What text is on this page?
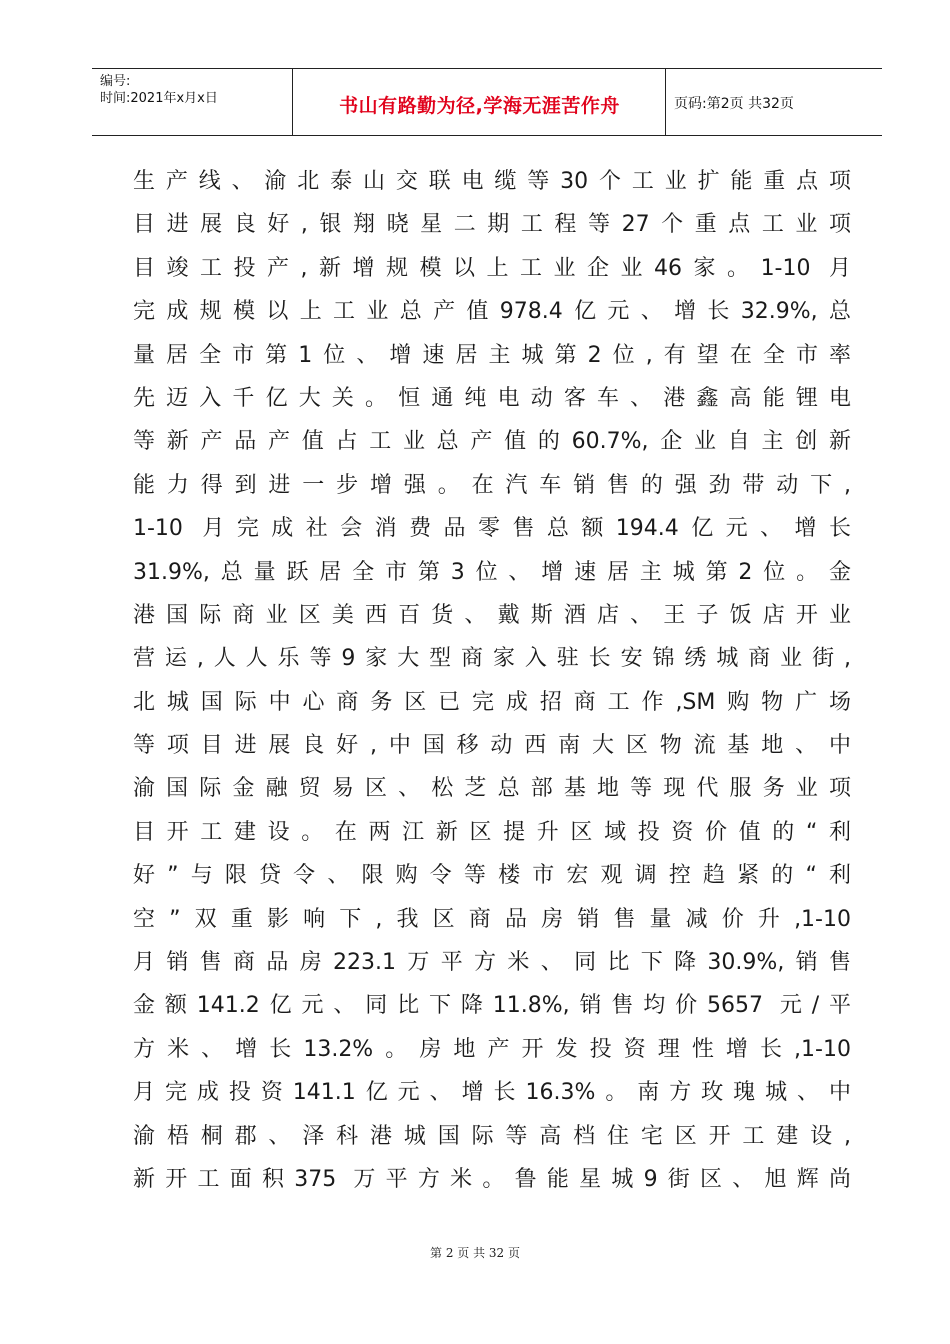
编号:
时间:2021年x月x日	书山有路勤为径,学海无涯苦作舟	页码:第2页 共32页
生产线、渝北泰山交联电缆等30个工业扩能重点项
目进展良好,银翔晓星二期工程等27个重点工业项
目竣工投产,新增规模以上工业企业46家。1-10 月
完成规模以上工业总产值978.4亿元、增长32.9%,总
量居全市第1位、增速居主城第2位,有望在全市率
先迈入千亿大关。恒通纯电动客车、港鑫高能锂电
等新产品产值占工业总产值的60.7%,企业自主创新
能力得到进一步增强。在汽车销售的强劲带动下,
1-10 月完成社会消费品零售总额194.4亿元、增长
31.9%,总量跃居全市第3位、增速居主城第2位。金
港国际商业区美西百货、戴斯酒店、王子饭店开业
营运,人人乐等9家大型商家入驻长安锦绣城商业街,
北城国际中心商务区已完成招商工作,SM购物广场
等项目进展良好,中国移动西南大区物流基地、中
渝国际金融贸易区、松芝总部基地等现代服务业项
目开工建设。在两江新区提升区域投资价值的“利
好”与限贷令、限购令等楼市宏观调控趋紧的“利
空”双重影响下,我区商品房销售量减价升,1-10
月销售商品房223.1万平方米、同比下降30.9%,销售
金额141.2亿元、同比下降11.8%,销售均价5657 元/平
方米、增长13.2%。房地产开发投资理性增长,1-10
月完成投资141.1亿元、增长16.3%。南方玫瑰城、中
渝梧桐郡、泽科港城国际等高档住宅区开工建设,
新开工面积375 万平方米。鲁能星城9街区、旭辉尚
第 2 页 共 32 页
